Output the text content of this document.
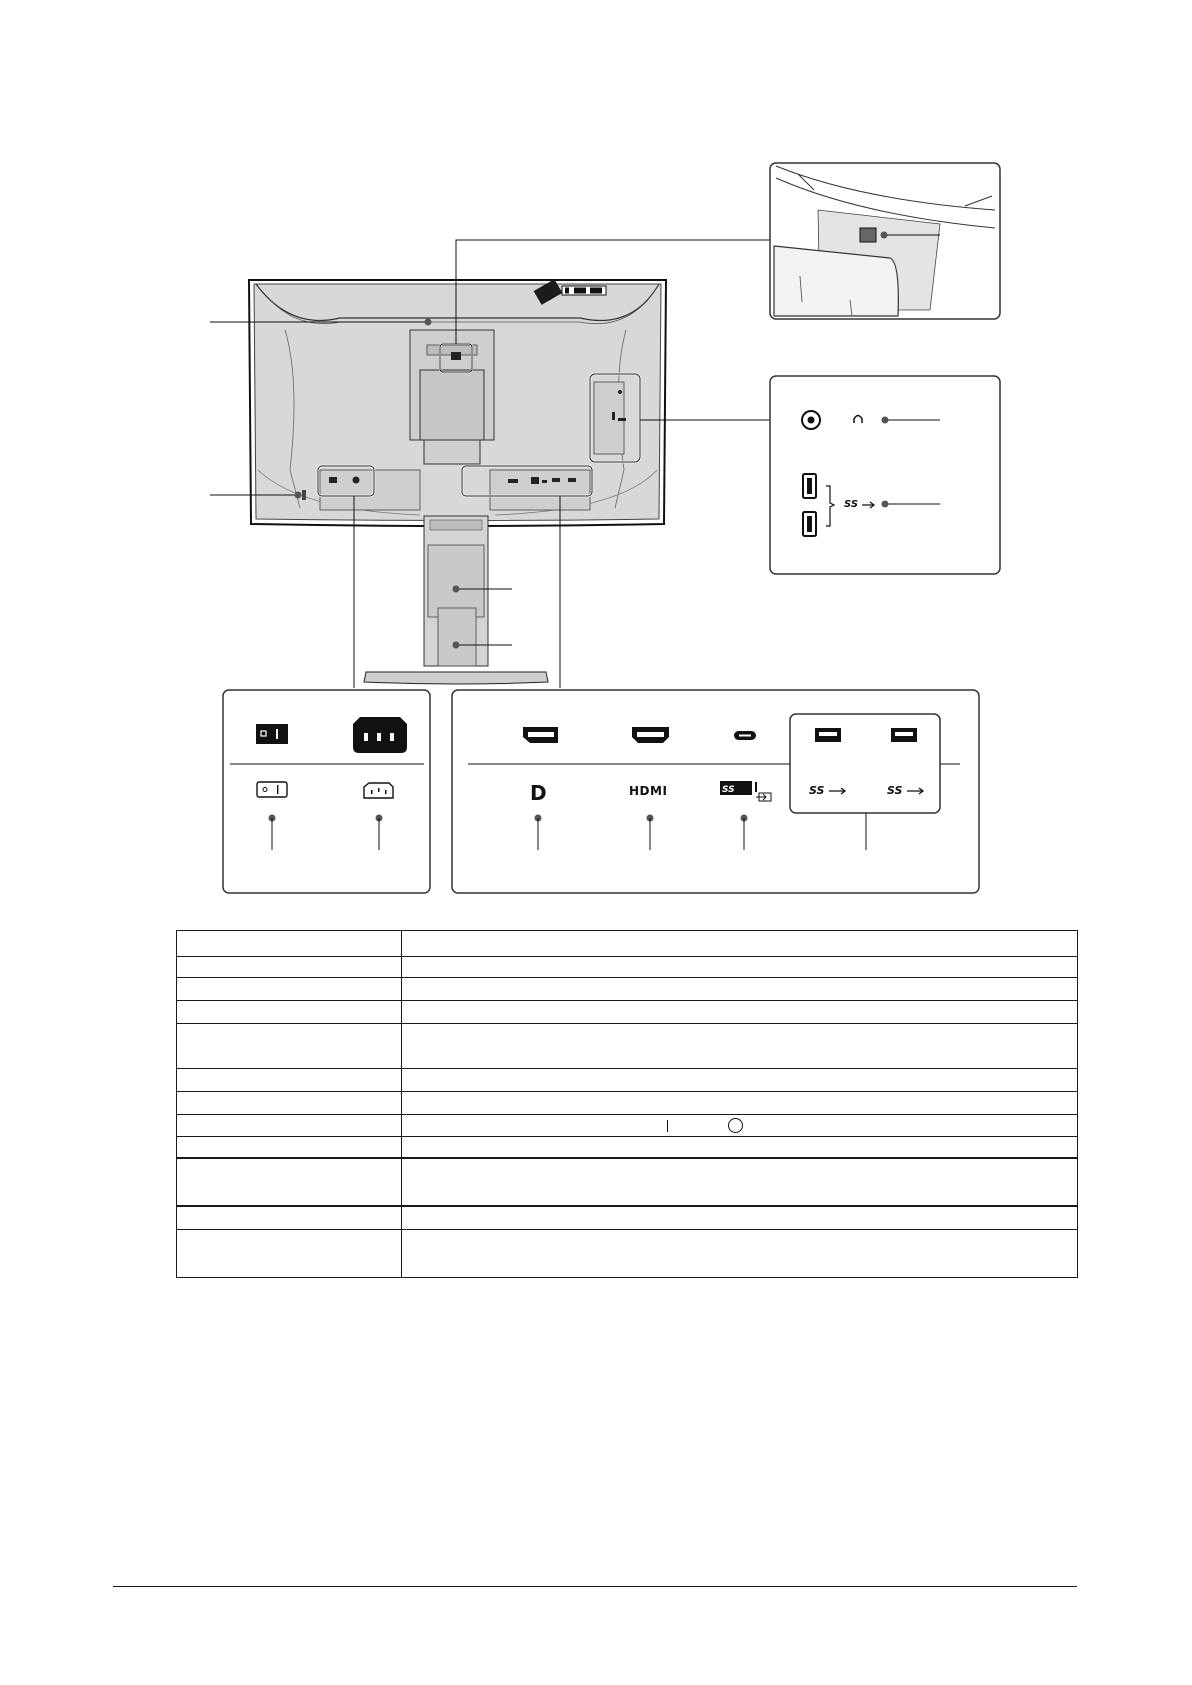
SS
D	HDMI	SS	SS	SS
